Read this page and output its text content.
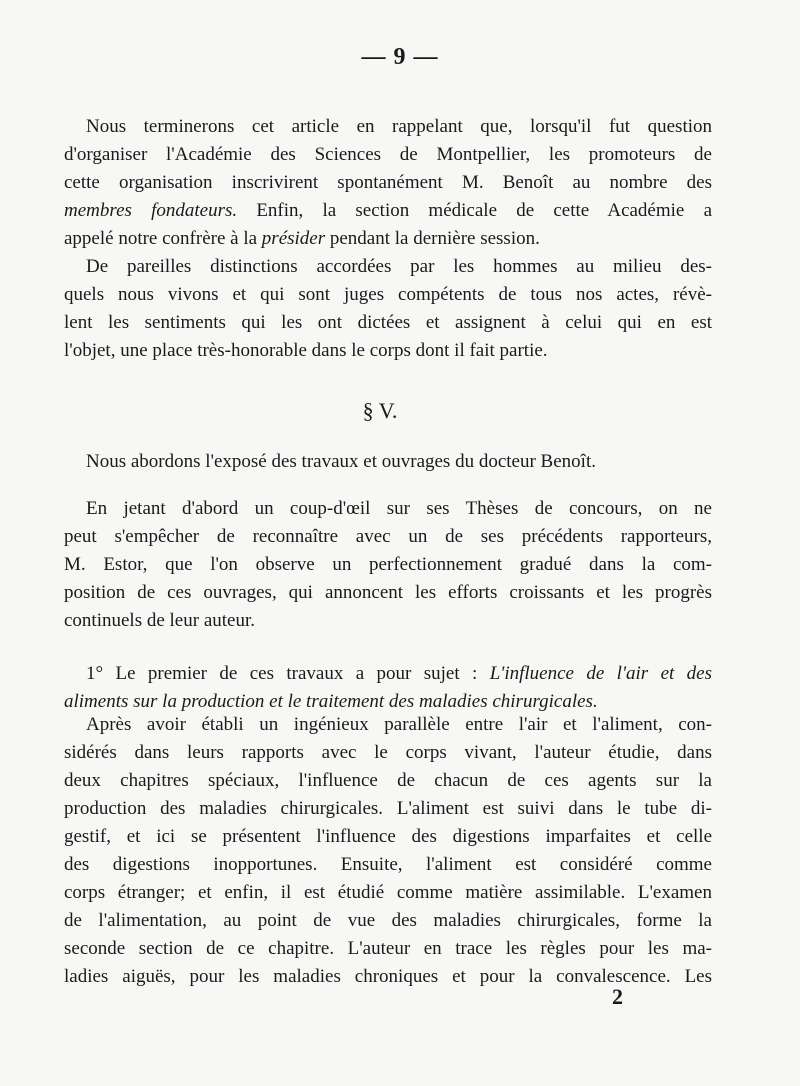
— 9 —

Nous terminerons cet article en rappelant que, lorsqu'il fut question

d'organiser l'Académie des Sciences de Montpellier, les promoteurs de

cette organisation inscrivirent spontanément M. Benoît au nombre des

membres fondateurs. Enfin, la section médicale de cette Académie a

appelé notre confrère à la présider pendant la dernière session.

De pareilles distinctions accordées par les hommes au milieu des-

quels nous vivons et qui sont juges compétents de tous nos actes, révè-

lent les sentiments qui les ont dictées et assignent à celui qui en est

l'objet, une place très-honorable dans le corps dont il fait partie.

§ V.

Nous abordons l'exposé des travaux et ouvrages du docteur Benoît.

En jetant d'abord un coup-d'œil sur ses Thèses de concours, on ne

peut s'empêcher de reconnaître avec un de ses précédents rapporteurs,

M. Estor, que l'on observe un perfectionnement gradué dans la com-

position de ces ouvrages, qui annoncent les efforts croissants et les progrès

continuels de leur auteur.

1° Le premier de ces travaux a pour sujet : L'influence de l'air et des

aliments sur la production et le traitement des maladies chirurgicales.

Après avoir établi un ingénieux parallèle entre l'air et l'aliment, con-

sidérés dans leurs rapports avec le corps vivant, l'auteur étudie, dans

deux chapitres spéciaux, l'influence de chacun de ces agents sur la

production des maladies chirurgicales. L'aliment est suivi dans le tube di-

gestif, et ici se présentent l'influence des digestions imparfaites et celle

des digestions inopportunes. Ensuite, l'aliment est considéré comme

corps étranger; et enfin, il est étudié comme matière assimilable. L'examen

de l'alimentation, au point de vue des maladies chirurgicales, forme la

seconde section de ce chapitre. L'auteur en trace les règles pour les ma-

ladies aiguës, pour les maladies chroniques et pour la convalescence. Les

2
